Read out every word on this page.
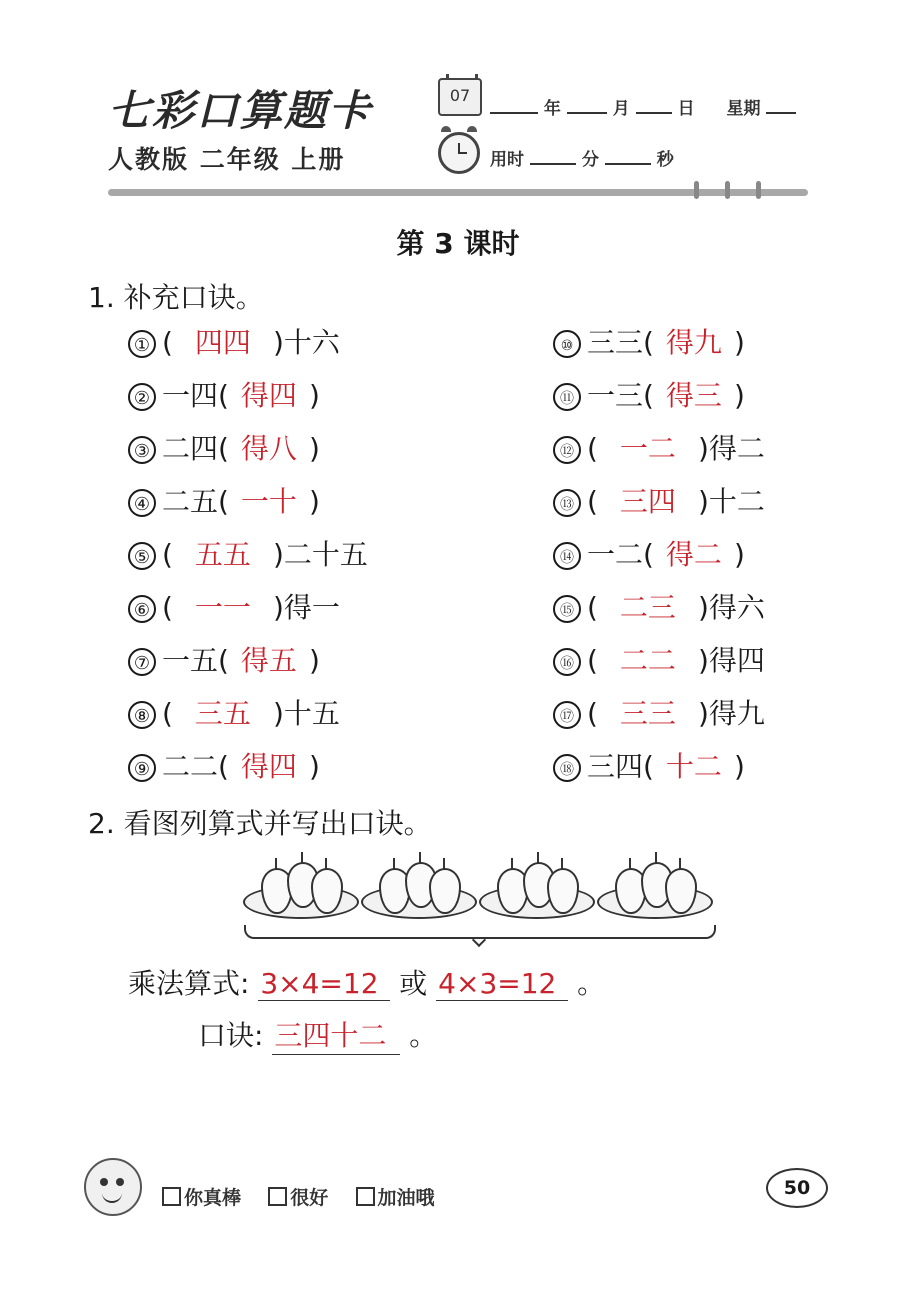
七彩口算题卡
人教版 二年级 上册
07
年	月	日 星期
用时	分	秒
第 3 课时
1. 补充口诀。
① ( 四四 )十六
② 一四( 得四 )
③ 二四( 得八 )
④ 二五( 一十 )
⑤ ( 五五 )二十五
⑥ ( 一一 )得一
⑦ 一五( 得五 )
⑧ ( 三五 )十五
⑨ 二二( 得四 )
⑩ 三三( 得九 )
⑪ 一三( 得三 )
⑫ ( 一二 )得二
⑬ ( 三四 )十二
⑭ 一二( 得二 )
⑮ ( 二三 )得六
⑯ ( 二二 )得四
⑰ ( 三三 )得九
⑱ 三四( 十二 )
2. 看图列算式并写出口诀。
乘法算式: 3×4=12 或 4×3=12 。
口诀: 三四十二 。
你真棒	很好	加油哦	50
